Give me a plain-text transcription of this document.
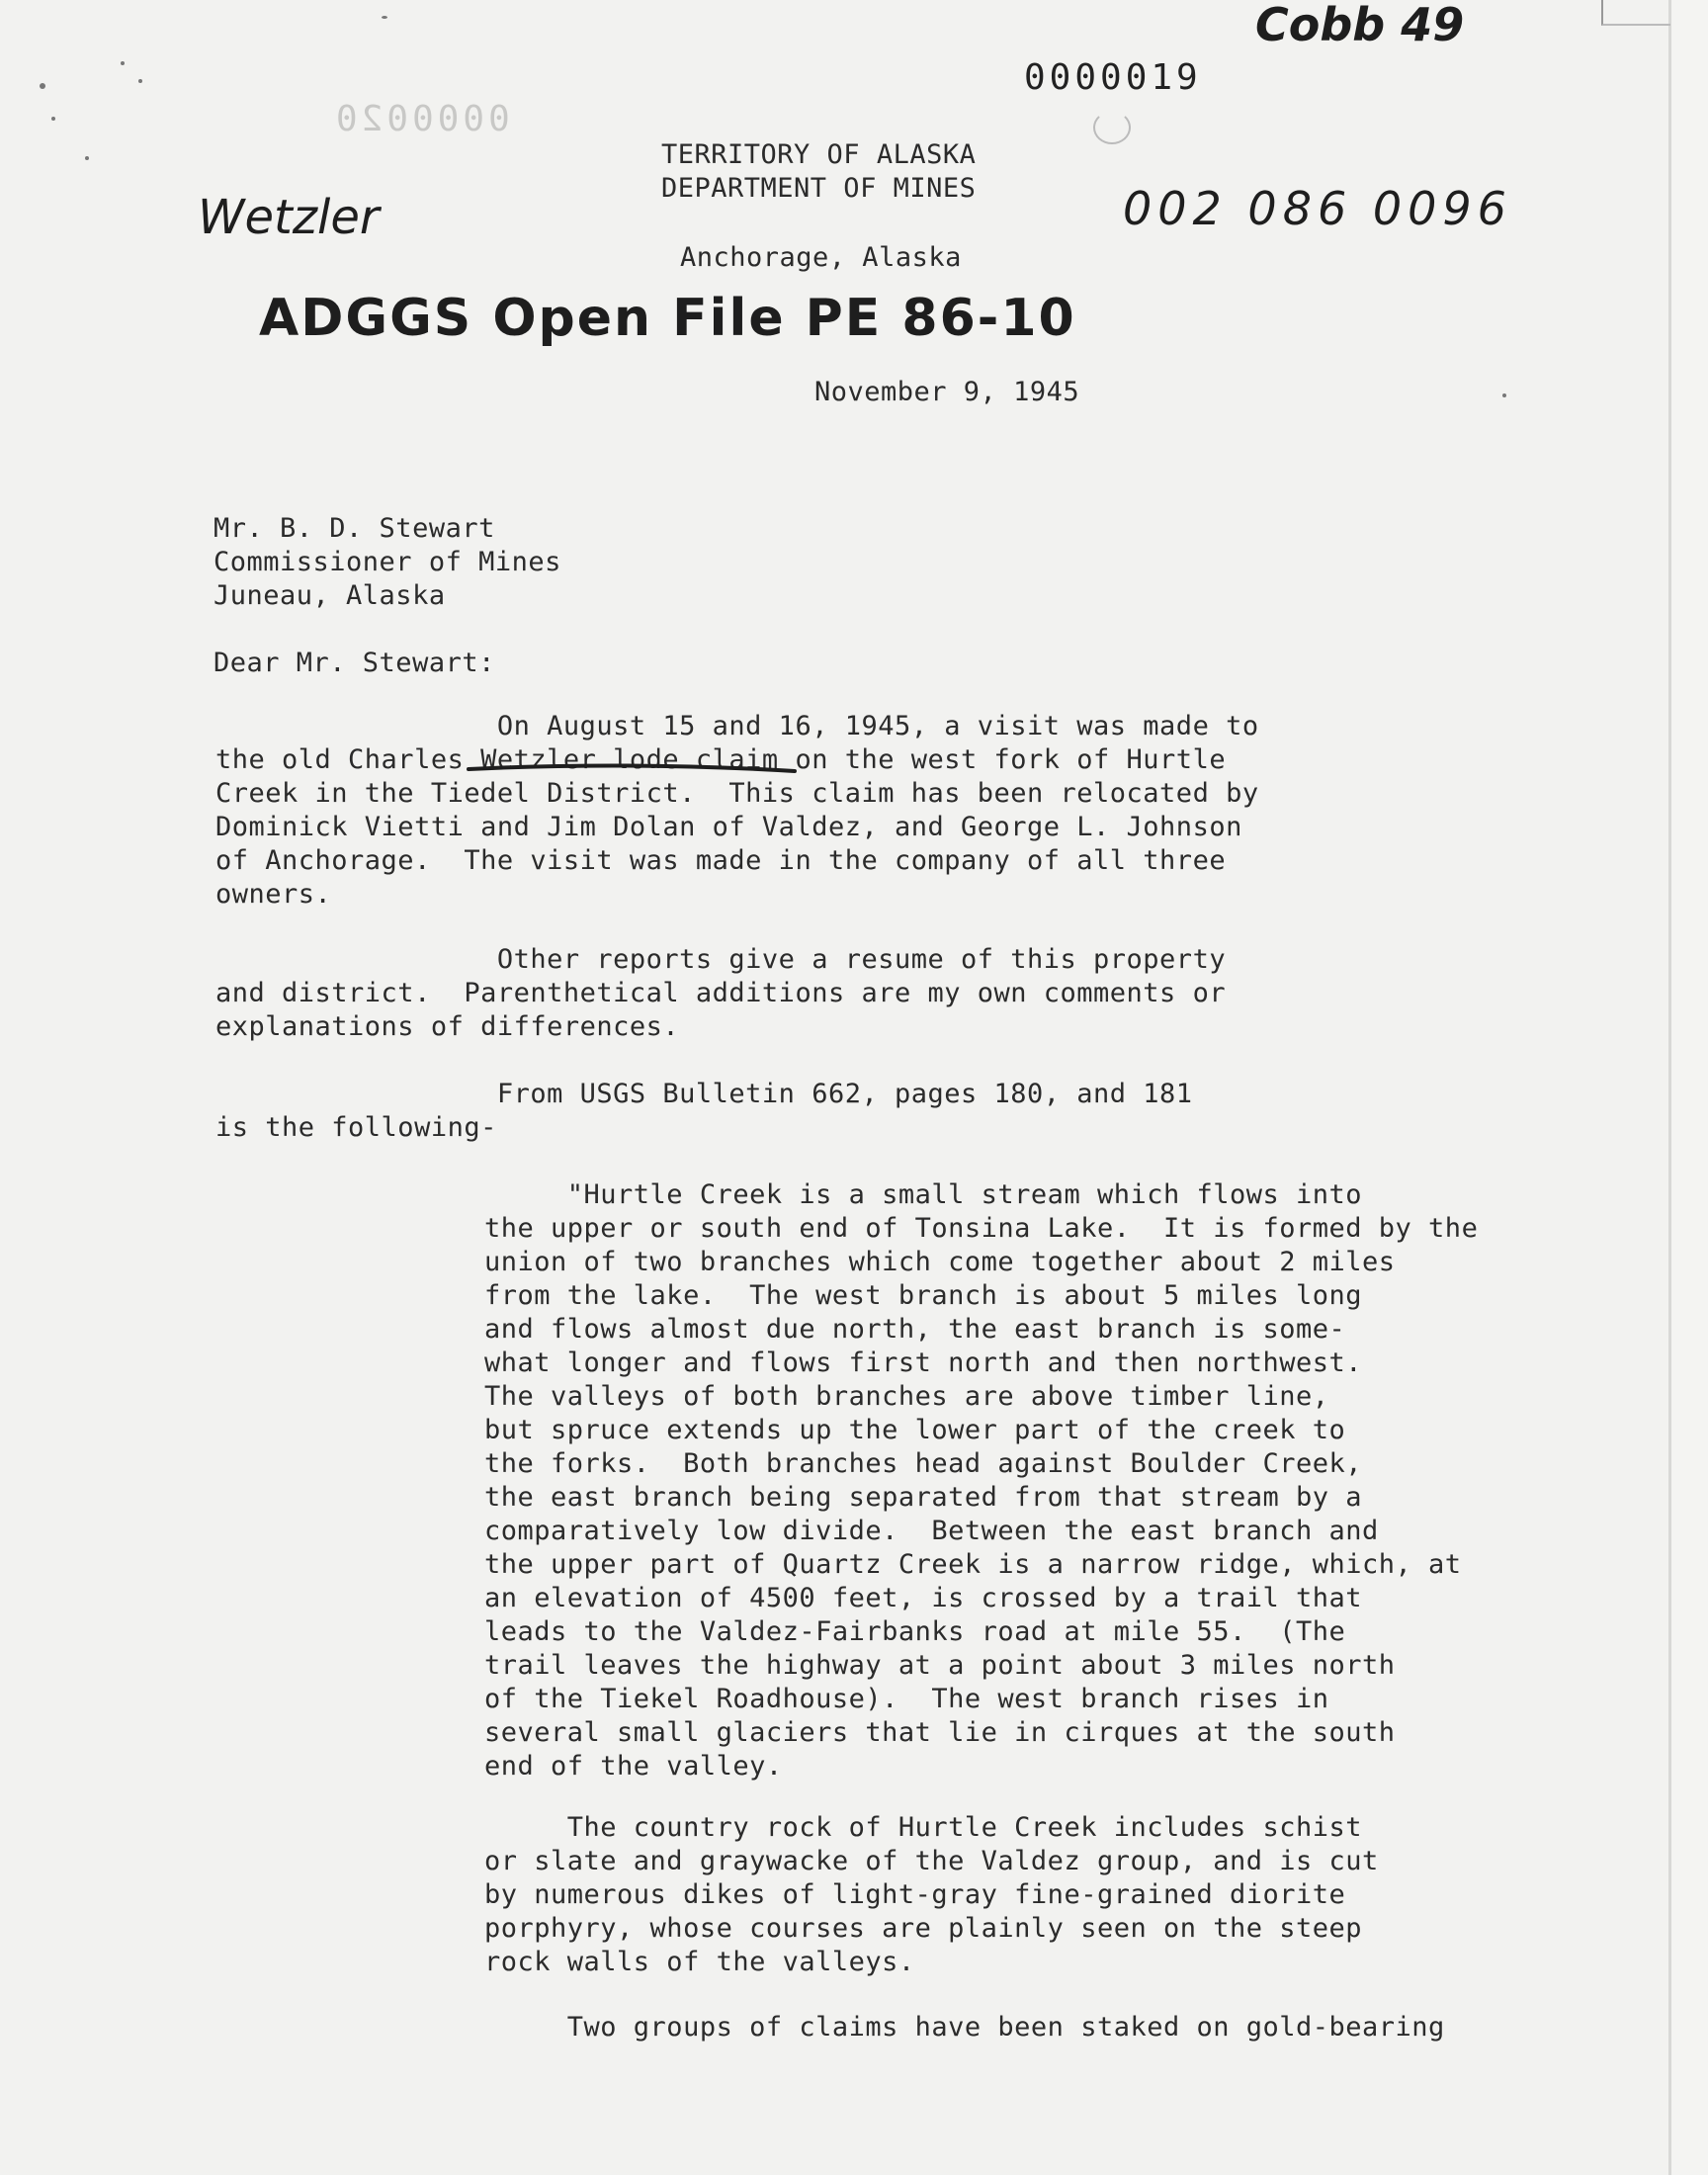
Cobb 49
0000019
0000020
Wetzler	002 086 0096
ADGGS Open File PE 86-10
TERRITORY OF ALASKA
DEPARTMENT OF MINES
Anchorage, Alaska
November 9, 1945
Mr. B. D. Stewart
Commissioner of Mines
Juneau, Alaska
Dear Mr. Stewart:
On August 15 and 16, 1945, a visit was made to
the old Charles Wetzler lode claim on the west fork of Hurtle
Creek in the Tiedel District.  This claim has been relocated by
Dominick Vietti and Jim Dolan of Valdez, and George L. Johnson
of Anchorage.  The visit was made in the company of all three
owners.
Other reports give a resume of this property
and district.  Parenthetical additions are my own comments or
explanations of differences.
From USGS Bulletin 662, pages 180, and 181
is the following-
"Hurtle Creek is a small stream which flows into
the upper or south end of Tonsina Lake.  It is formed by the
union of two branches which come together about 2 miles
from the lake.  The west branch is about 5 miles long
and flows almost due north, the east branch is some-
what longer and flows first north and then northwest.
The valleys of both branches are above timber line,
but spruce extends up the lower part of the creek to
the forks.  Both branches head against Boulder Creek,
the east branch being separated from that stream by a
comparatively low divide.  Between the east branch and
the upper part of Quartz Creek is a narrow ridge, which, at
an elevation of 4500 feet, is crossed by a trail that
leads to the Valdez-Fairbanks road at mile 55.  (The
trail leaves the highway at a point about 3 miles north
of the Tiekel Roadhouse).  The west branch rises in
several small glaciers that lie in cirques at the south
end of the valley.
The country rock of Hurtle Creek includes schist
or slate and graywacke of the Valdez group, and is cut
by numerous dikes of light-gray fine-grained diorite
porphyry, whose courses are plainly seen on the steep
rock walls of the valleys.
Two groups of claims have been staked on gold-bearing
